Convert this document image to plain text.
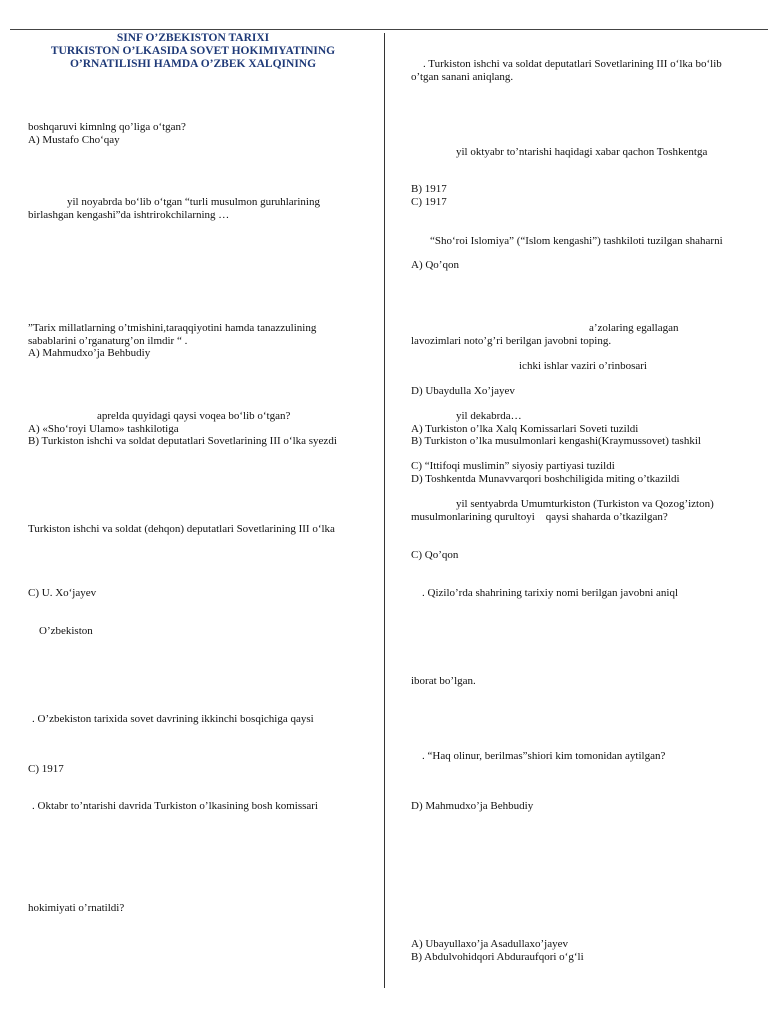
SINF O’ZBEKISTON TARIXI
TURKISTON O’LKASIDA SOVET HOKIMIYATINING
O’RNATILISHI HAMDA O’ZBEK XALQINING
boshqaruvi kimnlng qo’liga o‘tgan?
A) Mustafo Cho‘qay
yil noyabrda bo‘lib o‘tgan “turli musulmon guruhlarining
birlashgan kengashi”da ishtrirokchilarning …
”Tarix millatlarning o’tmishini,taraqqiyotini hamda tanazzulining
sabablarini o’rganaturg’on ilmdir “ .
A) Mahmudxo’ja Behbudiy
aprelda quyidagi qaysi voqea bo‘lib o‘tgan?
A) «Sho‘royi Ulamo» tashkilotiga
B) Turkiston ishchi va soldat deputatlari Sovetlarining III o‘lka syezdi
Turkiston ishchi va soldat (dehqon) deputatlari Sovetlarining III o‘lka
C) U. Xo‘jayev
O’zbekiston
. O’zbekiston tarixida sovet davrining ikkinchi bosqichiga qaysi
C) 1917
. Oktabr to’ntarishi davrida Turkiston o’lkasining bosh komissari
hokimiyati o’rnatildi?
. Turkiston ishchi va soldat deputatlari Sovetlarining III o‘lka bo‘lib
o’tgan sanani aniqlang.
yil oktyabr to’ntarishi haqidagi xabar qachon Toshkentga
B) 1917
C) 1917
“Sho‘roi Islomiya” (“Islom kengashi”) tashkiloti tuzilgan shaharni
A) Qo’qon
a’zolaring egallagan
lavozimlari noto’g’ri berilgan javobni toping.
ichki ishlar vaziri o’rinbosari
D) Ubaydulla Xo’jayev
yil dekabrda…
A) Turkiston o’lka Xalq Komissarlari Soveti tuzildi
B) Turkiston o’lka musulmonlari kengashi(Kraymussovet) tashkil
C) “Ittifoqi muslimin” siyosiy partiyasi tuzildi
D) Toshkentda Munavvarqori boshchiligida miting o’tkazildi
yil sentyabrda Umumturkiston (Turkiston va Qozog’izton)
musulmonlarining qurultoyi    qaysi shaharda o’tkazilgan?
C) Qo’qon
. Qizilo’rda shahrining tarixiy nomi berilgan javobni aniql
iborat bo’lgan.
. “Haq olinur, berilmas”shiori kim tomonidan aytilgan?
D) Mahmudxo’ja Behbudiy
A) Ubayullaxo’ja Asadullaxo’jayev
B) Abdulvohidqori Abduraufqori o‘g‘li
